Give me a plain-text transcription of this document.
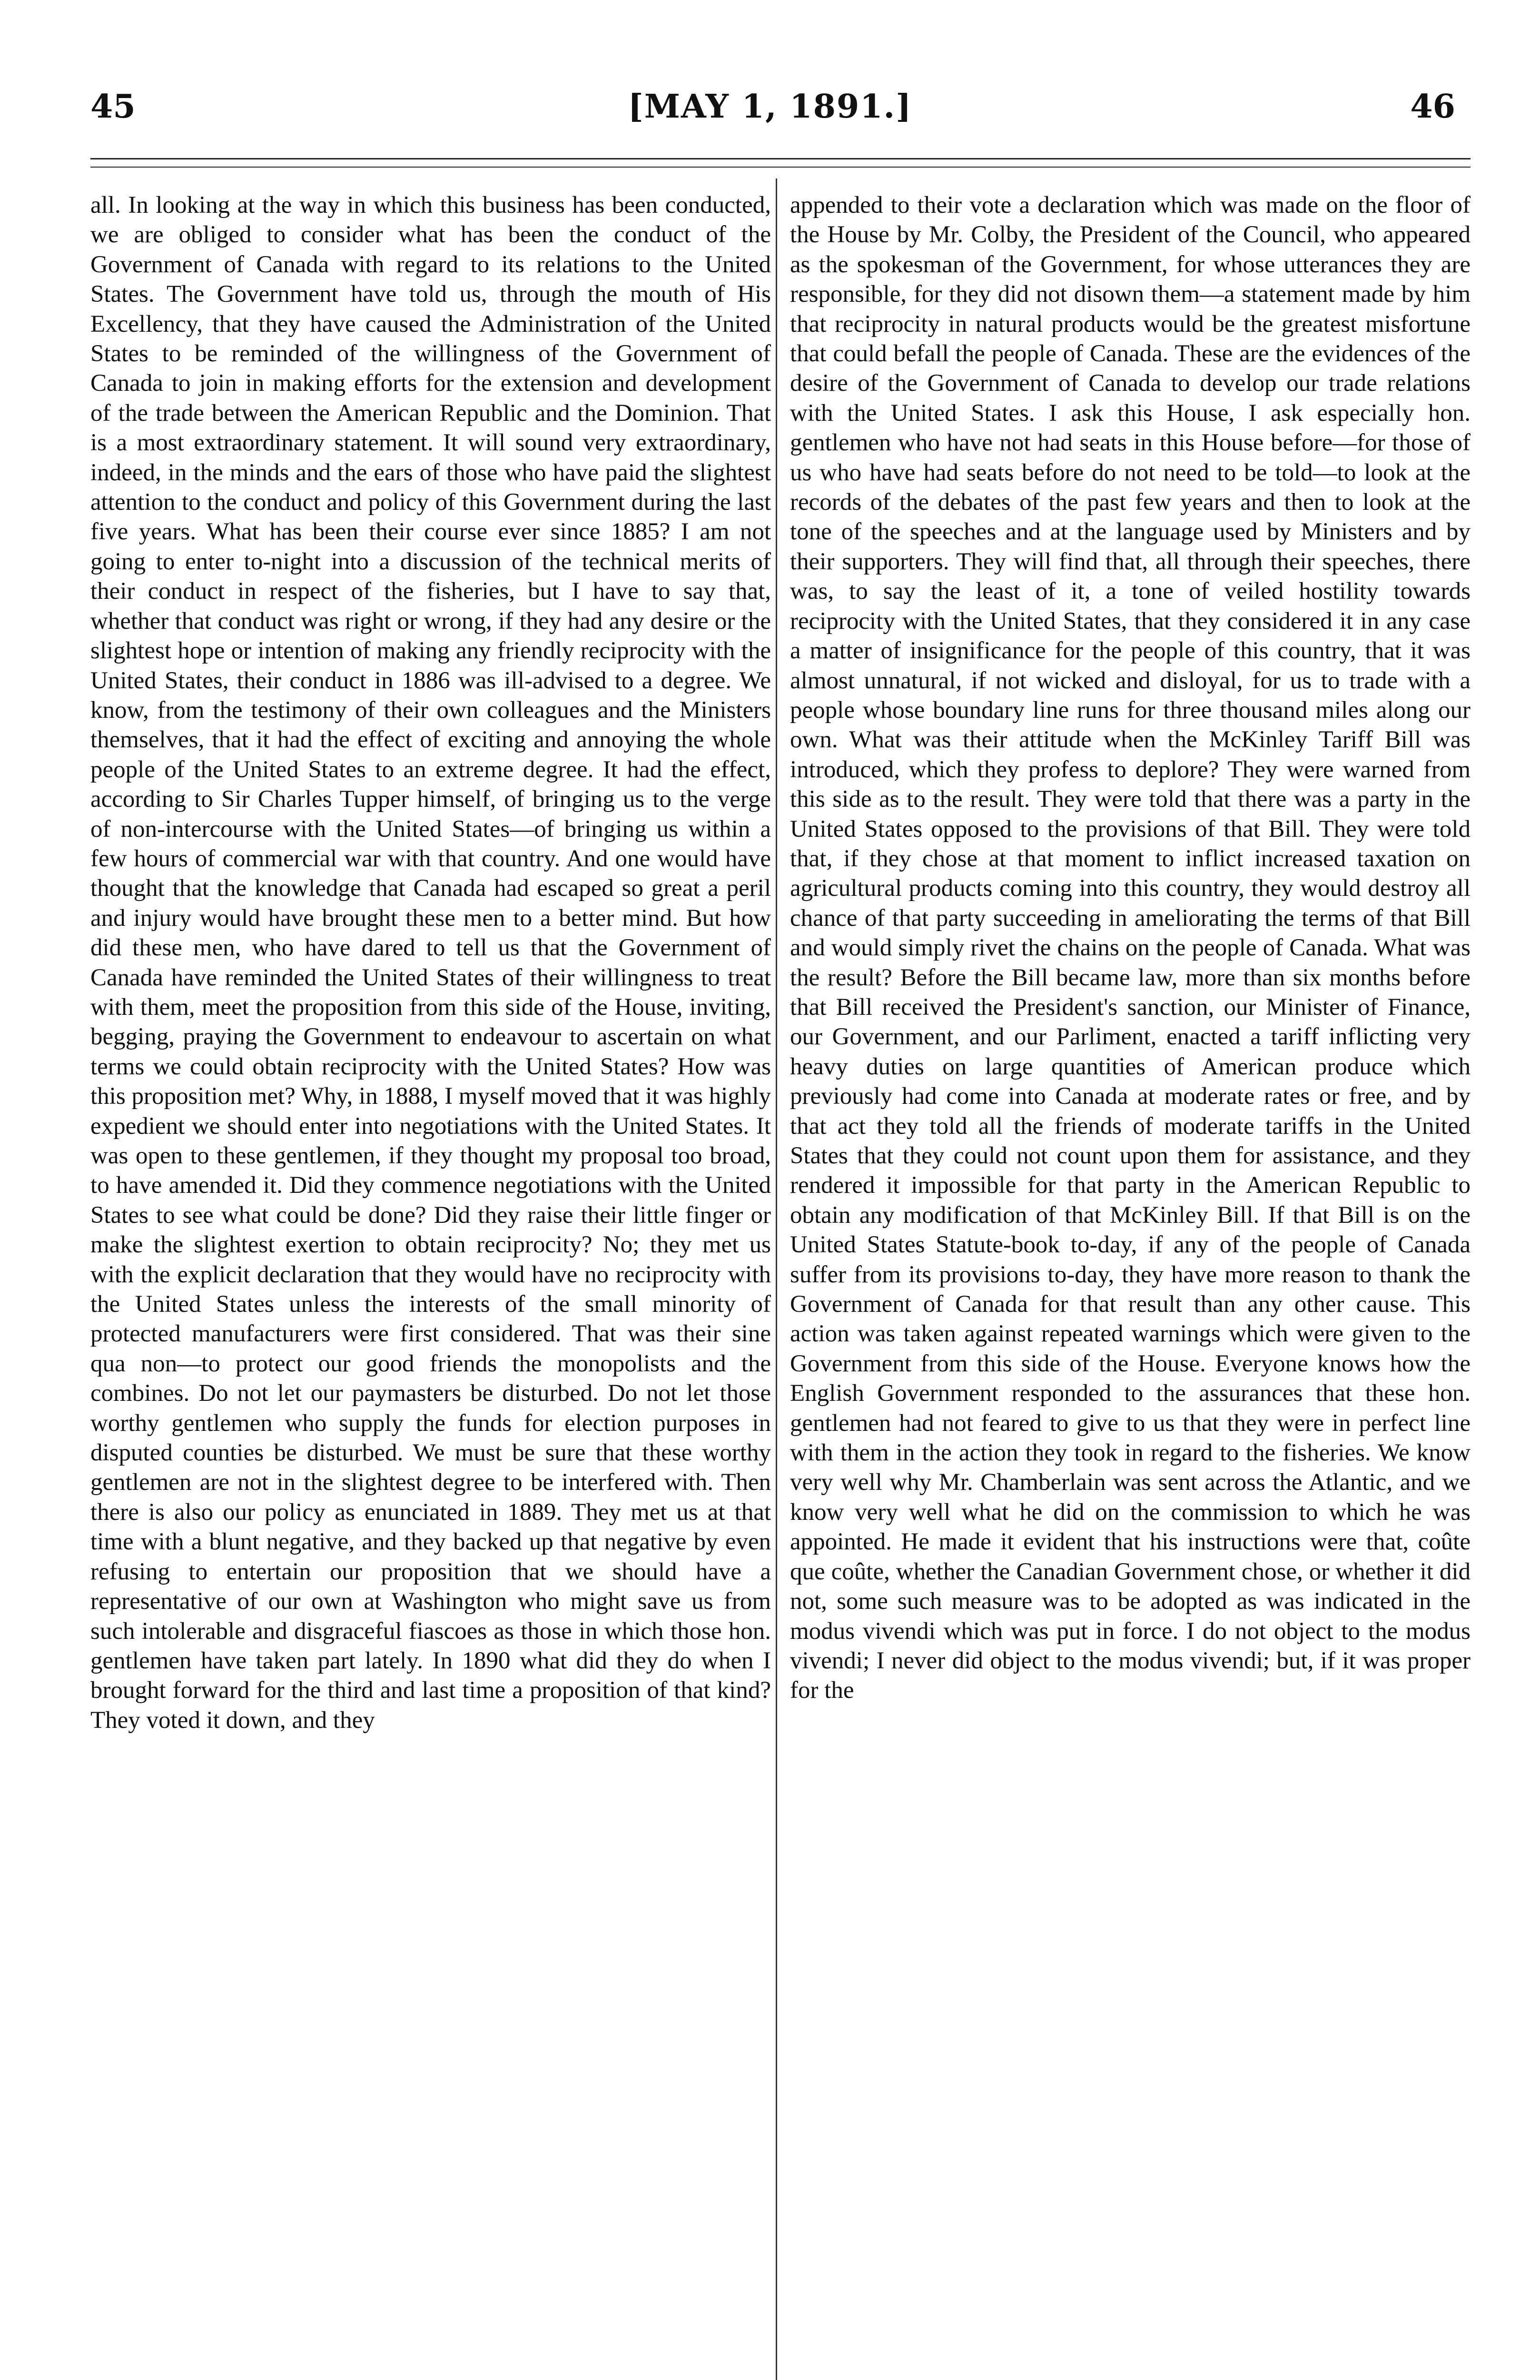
[MAY 1, 1891.]
45	46

all. In looking at the way in which this business has been conducted, we are obliged to consider what has been the conduct of the Government of Canada with regard to its relations to the United States. The Government have told us, through the mouth of His Excellency, that they have caused the Administration of the United States to be reminded of the willingness of the Government of Canada to join in making efforts for the extension and development of the trade between the American Republic and the Dominion. That is a most extraordinary statement. It will sound very extraordinary, indeed, in the minds and the ears of those who have paid the slightest attention to the conduct and policy of this Government during the last five years. What has been their course ever since 1885? I am not going to enter to-night into a discussion of the technical merits of their conduct in respect of the fisheries, but I have to say that, whether that conduct was right or wrong, if they had any desire or the slightest hope or intention of making any friendly reciprocity with the United States, their conduct in 1886 was ill-advised to a degree. We know, from the testimony of their own colleagues and the Ministers themselves, that it had the effect of exciting and annoying the whole people of the United States to an extreme degree. It had the effect, according to Sir Charles Tupper himself, of bringing us to the verge of non-intercourse with the United States—of bringing us within a few hours of commercial war with that country. And one would have thought that the knowledge that Canada had escaped so great a peril and injury would have brought these men to a better mind. But how did these men, who have dared to tell us that the Government of Canada have reminded the United States of their willingness to treat with them, meet the proposition from this side of the House, inviting, begging, praying the Government to endeavour to ascertain on what terms we could obtain reciprocity with the United States? How was this proposition met? Why, in 1888, I myself moved that it was highly expedient we should enter into negotiations with the United States. It was open to these gentlemen, if they thought my proposal too broad, to have amended it. Did they commence negotiations with the United States to see what could be done? Did they raise their little finger or make the slightest exertion to obtain reciprocity? No; they met us with the explicit declaration that they would have no reciprocity with the United States unless the interests of the small minority of protected manufacturers were first considered. That was their sine qua non—to protect our good friends the monopolists and the combines. Do not let our paymasters be disturbed. Do not let those worthy gentlemen who supply the funds for election purposes in disputed counties be disturbed. We must be sure that these worthy gentlemen are not in the slightest degree to be interfered with. Then there is also our policy as enunciated in 1889. They met us at that time with a blunt negative, and they backed up that negative by even refusing to entertain our proposition that we should have a representative of our own at Washington who might save us from such intolerable and disgraceful fiascoes as those in which those hon. gentlemen have taken part lately. In 1890 what did they do when I brought forward for the third and last time a proposition of that kind? They voted it down, and they

appended to their vote a declaration which was made on the floor of the House by Mr. Colby, the President of the Council, who appeared as the spokesman of the Government, for whose utterances they are responsible, for they did not disown them—a statement made by him that reciprocity in natural products would be the greatest misfortune that could befall the people of Canada. These are the evidences of the desire of the Government of Canada to develop our trade relations with the United States. I ask this House, I ask especially hon. gentlemen who have not had seats in this House before—for those of us who have had seats before do not need to be told—to look at the records of the debates of the past few years and then to look at the tone of the speeches and at the language used by Ministers and by their supporters. They will find that, all through their speeches, there was, to say the least of it, a tone of veiled hostility towards reciprocity with the United States, that they considered it in any case a matter of insignificance for the people of this country, that it was almost unnatural, if not wicked and disloyal, for us to trade with a people whose boundary line runs for three thousand miles along our own. What was their attitude when the McKinley Tariff Bill was introduced, which they profess to deplore? They were warned from this side as to the result. They were told that there was a party in the United States opposed to the provisions of that Bill. They were told that, if they chose at that moment to inflict increased taxation on agricultural products coming into this country, they would destroy all chance of that party succeeding in ameliorating the terms of that Bill and would simply rivet the chains on the people of Canada. What was the result? Before the Bill became law, more than six months before that Bill received the President's sanction, our Minister of Finance, our Government, and our Parliment, enacted a tariff inflicting very heavy duties on large quantities of American produce which previously had come into Canada at moderate rates or free, and by that act they told all the friends of moderate tariffs in the United States that they could not count upon them for assistance, and they rendered it impossible for that party in the American Republic to obtain any modification of that McKinley Bill. If that Bill is on the United States Statute-book to-day, if any of the people of Canada suffer from its provisions to-day, they have more reason to thank the Government of Canada for that result than any other cause. This action was taken against repeated warnings which were given to the Government from this side of the House. Everyone knows how the English Government responded to the assurances that these hon. gentlemen had not feared to give to us that they were in perfect line with them in the action they took in regard to the fisheries. We know very well why Mr. Chamberlain was sent across the Atlantic, and we know very well what he did on the commission to which he was appointed. He made it evident that his instructions were that, coûte que coûte, whether the Canadian Government chose, or whether it did not, some such measure was to be adopted as was indicated in the modus vivendi which was put in force. I do not object to the modus vivendi; I never did object to the modus vivendi; but, if it was proper for the
